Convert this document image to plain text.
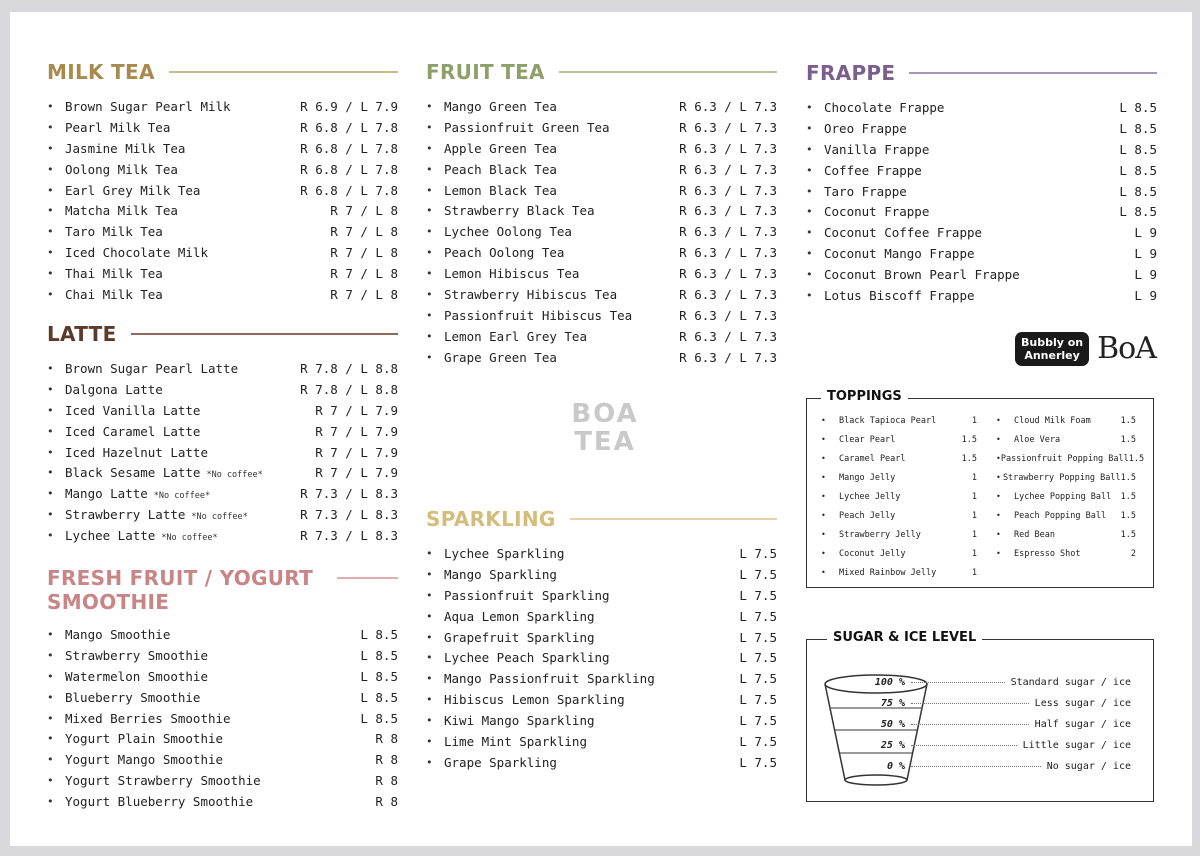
MILK TEA
• Brown Sugar Pearl Milk	R 6.9 / L 7.9
• Pearl Milk Tea	R 6.8 / L 7.8
• Jasmine Milk Tea	R 6.8 / L 7.8
• Oolong Milk Tea	R 6.8 / L 7.8
• Earl Grey Milk Tea	R 6.8 / L 7.8
• Matcha Milk Tea	R 7 / L 8
• Taro Milk Tea	R 7 / L 8
• Iced Chocolate Milk	R 7 / L 8
• Thai Milk Tea	R 7 / L 8
• Chai Milk Tea	R 7 / L 8
LATTE
• Brown Sugar Pearl Latte	R 7.8 / L 8.8
• Dalgona Latte	R 7.8 / L 8.8
• Iced Vanilla Latte	R 7 / L 7.9
• Iced Caramel Latte	R 7 / L 7.9
• Iced Hazelnut Latte	R 7 / L 7.9
• Black Sesame Latte *No coffee*	R 7 / L 7.9
• Mango Latte *No coffee*	R 7.3 / L 8.3
• Strawberry Latte *No coffee*	R 7.3 / L 8.3
• Lychee Latte *No coffee*	R 7.3 / L 8.3
FRESH FRUIT / YOGURT
SMOOTHIE
• Mango Smoothie	L 8.5
• Strawberry Smoothie	L 8.5
• Watermelon Smoothie	L 8.5
• Blueberry Smoothie	L 8.5
• Mixed Berries Smoothie	L 8.5
• Yogurt Plain Smoothie	R 8
• Yogurt Mango Smoothie	R 8
• Yogurt Strawberry Smoothie	R 8
• Yogurt Blueberry Smoothie	R 8
FRUIT TEA
• Mango Green Tea	R 6.3 / L 7.3
• Passionfruit Green Tea	R 6.3 / L 7.3
• Apple Green Tea	R 6.3 / L 7.3
• Peach Black Tea	R 6.3 / L 7.3
• Lemon Black Tea	R 6.3 / L 7.3
• Strawberry Black Tea	R 6.3 / L 7.3
• Lychee Oolong Tea	R 6.3 / L 7.3
• Peach Oolong Tea	R 6.3 / L 7.3
• Lemon Hibiscus Tea	R 6.3 / L 7.3
• Strawberry Hibiscus Tea	R 6.3 / L 7.3
• Passionfruit Hibiscus Tea	R 6.3 / L 7.3
• Lemon Earl Grey Tea	R 6.3 / L 7.3
• Grape Green Tea	R 6.3 / L 7.3
BOA
TEA
SPARKLING
• Lychee Sparkling	L 7.5
• Mango Sparkling	L 7.5
• Passionfruit Sparkling	L 7.5
• Aqua Lemon Sparkling	L 7.5
• Grapefruit Sparkling	L 7.5
• Lychee Peach Sparkling	L 7.5
• Mango Passionfruit Sparkling	L 7.5
• Hibiscus Lemon Sparkling	L 7.5
• Kiwi Mango Sparkling	L 7.5
• Lime Mint Sparkling	L 7.5
• Grape Sparkling	L 7.5
FRAPPE
• Chocolate Frappe	L 8.5
• Oreo Frappe	L 8.5
• Vanilla Frappe	L 8.5
• Coffee Frappe	L 8.5
• Taro Frappe	L 8.5
• Coconut Frappe	L 8.5
• Coconut Coffee Frappe	L 9
• Coconut Mango Frappe	L 9
• Coconut Brown Pearl Frappe	L 9
• Lotus Biscoff Frappe	L 9
Bubbly on
Annerley BoA
TOPPINGS
•	Black Tapioca Pearl	1
•	Clear Pearl	1.5
•	Caramel Pearl	1.5
•	Mango Jelly	1
•	Lychee Jelly	1
•	Peach Jelly	1
•	Strawberry Jelly	1
•	Coconut Jelly	1
•	Mixed Rainbow Jelly	1
•	Cloud Milk Foam	1.5
•	Aloe Vera	1.5
• Passionfruit Popping Ball 1.5
• Strawberry Popping Ball 1.5
•	Lychee Popping Ball	1.5
•	Peach Popping Ball	1.5
•	Red Bean	1.5
•	Espresso Shot	2
SUGAR & ICE LEVEL
100 %	Standard sugar / ice
75 %	Less sugar / ice
50 %	Half sugar / ice
25 %	Little sugar / ice
0 %	No sugar / ice
